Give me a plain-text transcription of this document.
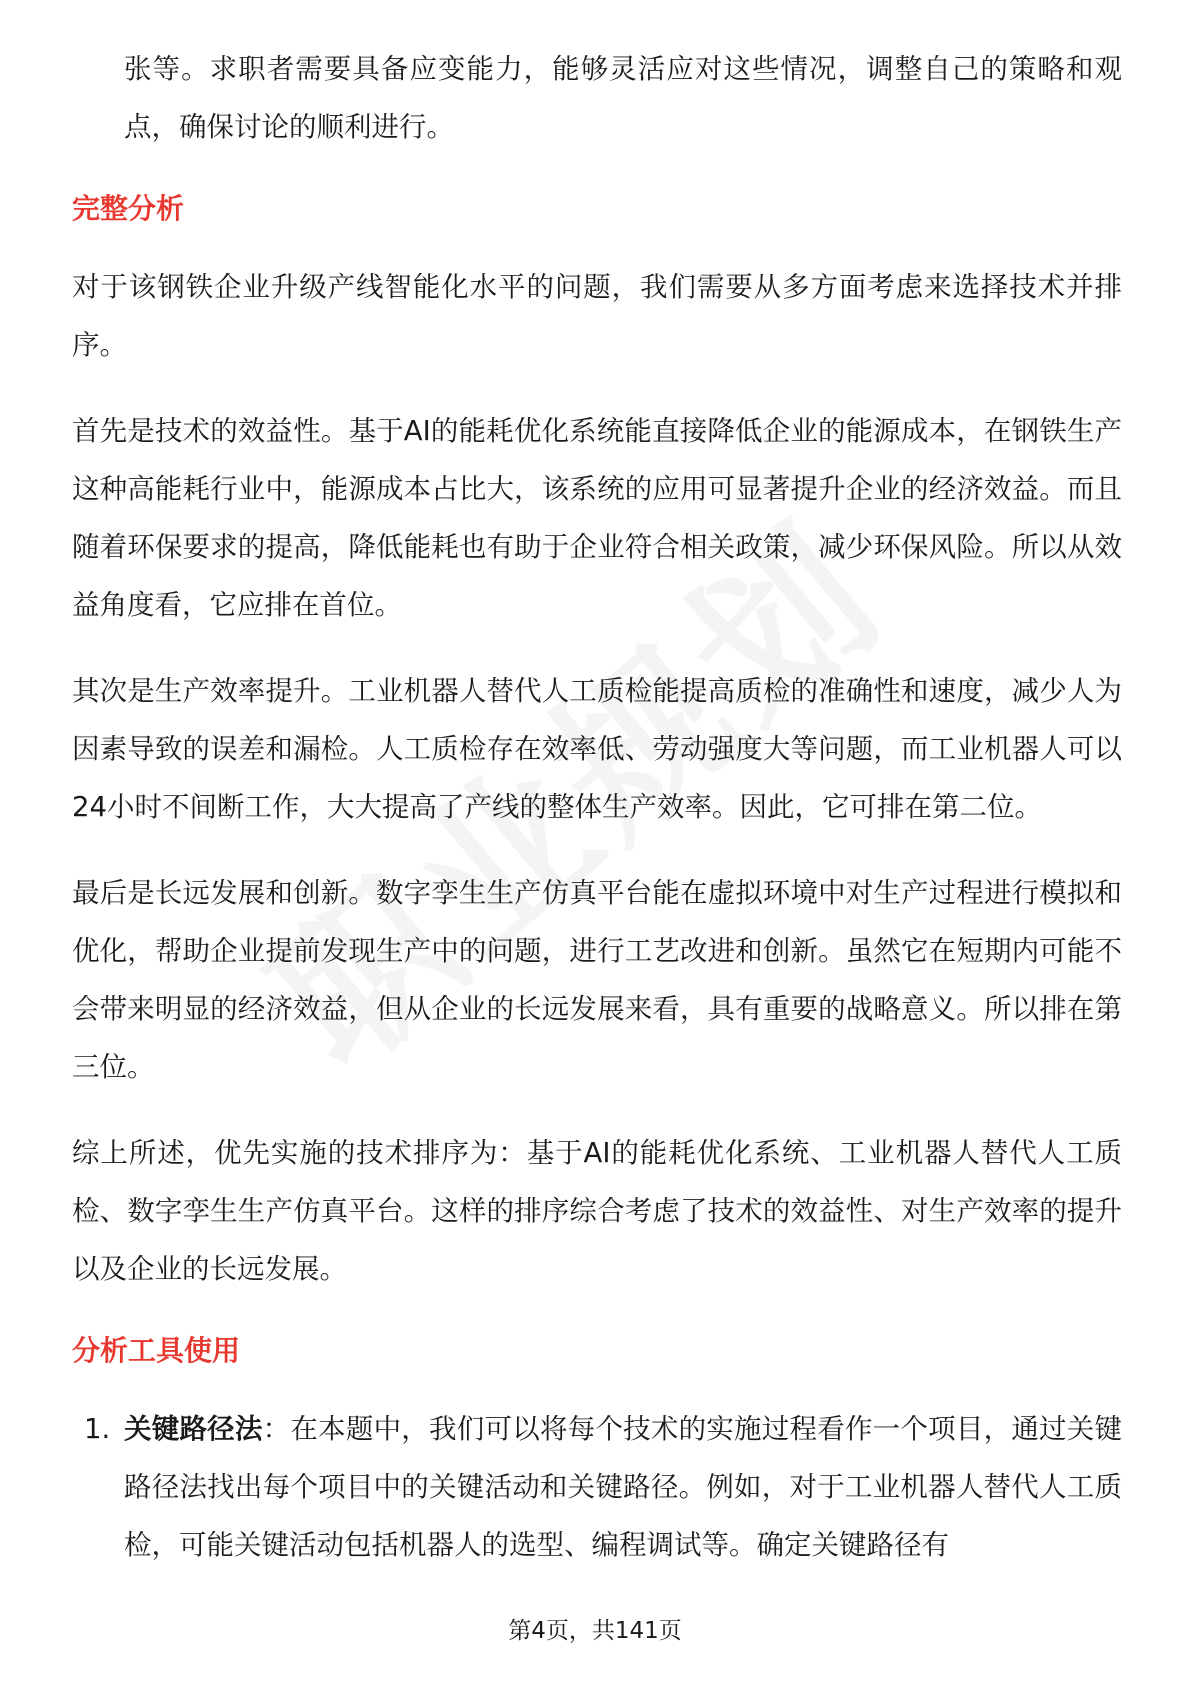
张等。求职者需要具备应变能力，能够灵活应对这些情况，调整自己的策略和观点，确保讨论的顺利进行。

完整分析

对于该钢铁企业升级产线智能化水平的问题，我们需要从多方面考虑来选择技术并排序。

首先是技术的效益性。基于AI的能耗优化系统能直接降低企业的能源成本，在钢铁生产这种高能耗行业中，能源成本占比大，该系统的应用可显著提升企业的经济效益。而且随着环保要求的提高，降低能耗也有助于企业符合相关政策，减少环保风险。所以从效益角度看，它应排在首位。

其次是生产效率提升。工业机器人替代人工质检能提高质检的准确性和速度，减少人为因素导致的误差和漏检。人工质检存在效率低、劳动强度大等问题，而工业机器人可以24小时不间断工作，大大提高了产线的整体生产效率。因此，它可排在第二位。

最后是长远发展和创新。数字孪生生产仿真平台能在虚拟环境中对生产过程进行模拟和优化，帮助企业提前发现生产中的问题，进行工艺改进和创新。虽然它在短期内可能不会带来明显的经济效益，但从企业的长远发展来看，具有重要的战略意义。所以排在第三位。

综上所述，优先实施的技术排序为：基于AI的能耗优化系统、工业机器人替代人工质检、数字孪生生产仿真平台。这样的排序综合考虑了技术的效益性、对生产效率的提升以及企业的长远发展。

分析工具使用
1. 关键路径法：在本题中，我们可以将每个技术的实施过程看作一个项目，通过关键路径法找出每个项目中的关键活动和关键路径。例如，对于工业机器人替代人工质检，可能关键活动包括机器人的选型、编程调试等。确定关键路径有
第4页，共141页
